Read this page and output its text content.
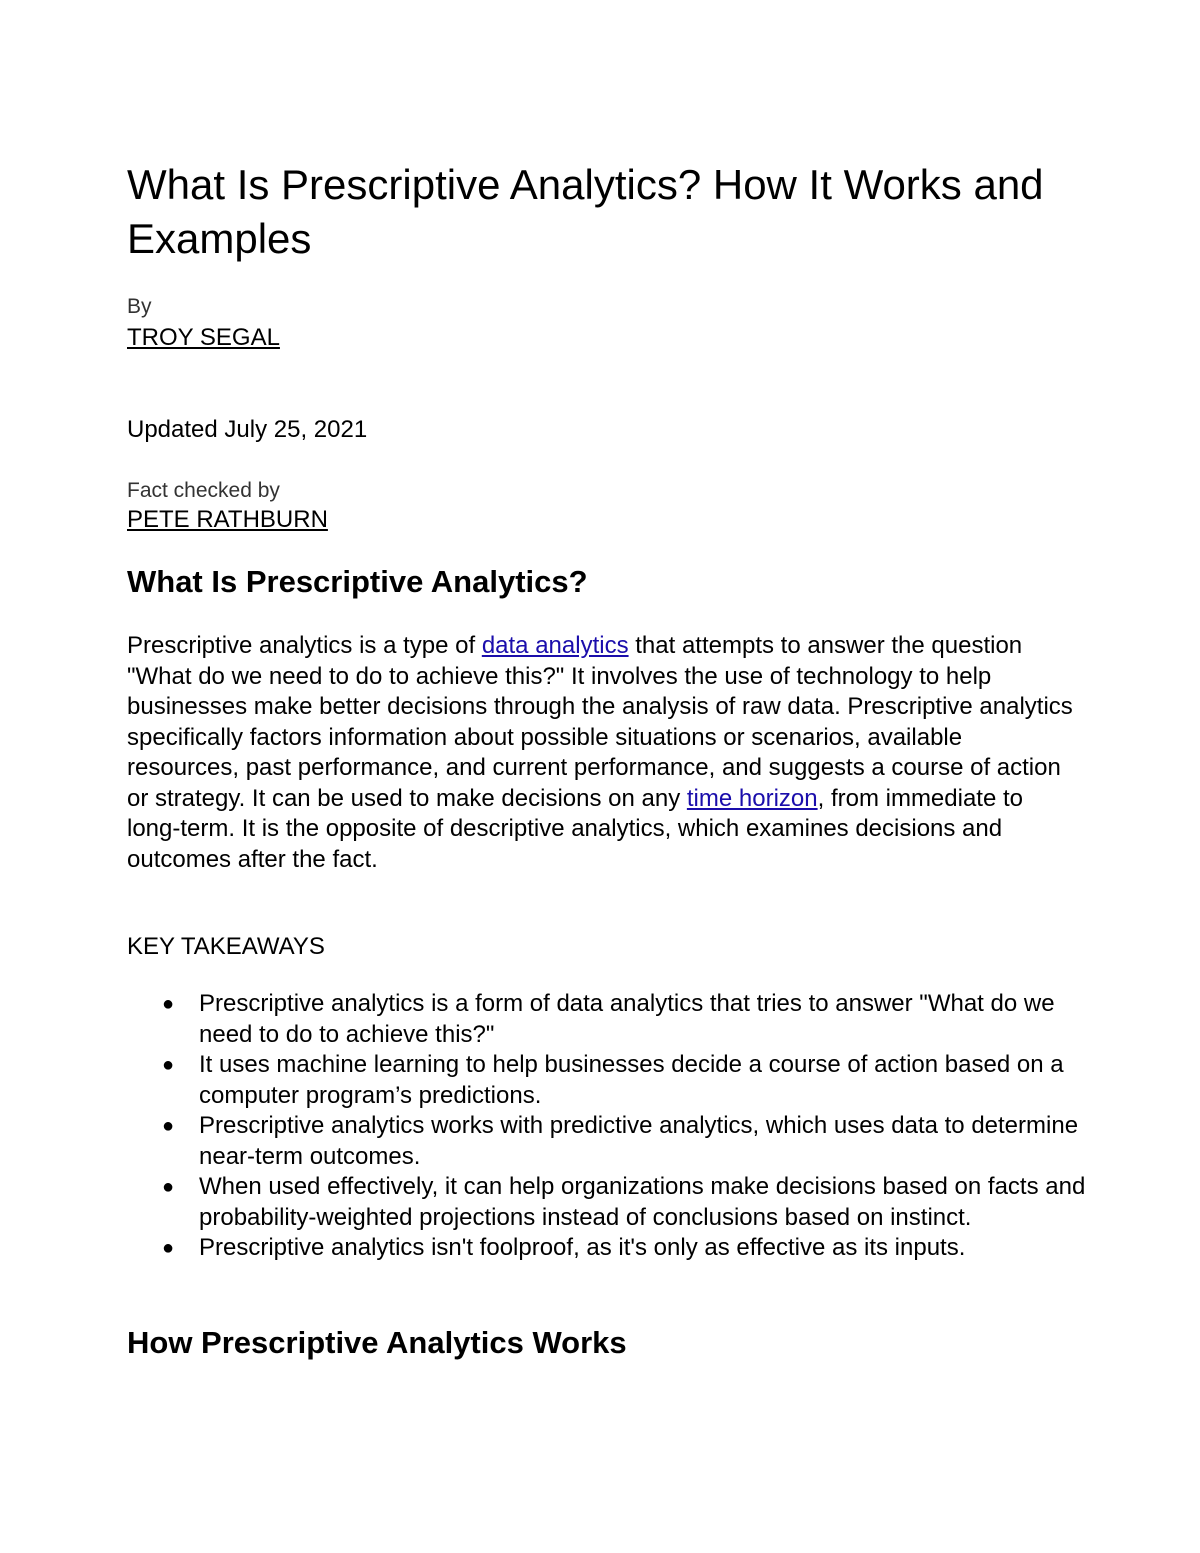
What Is Prescriptive Analytics? How It Works and Examples
By
TROY SEGAL
Updated July 25, 2021
Fact checked by
PETE RATHBURN
What Is Prescriptive Analytics?

Prescriptive analytics is a type of data analytics that attempts to answer the question "What do we need to do to achieve this?" It involves the use of technology to help businesses make better decisions through the analysis of raw data. Prescriptive analytics specifically factors information about possible situations or scenarios, available resources, past performance, and current performance, and suggests a course of action or strategy. It can be used to make decisions on any time horizon, from immediate to long-term. It is the opposite of descriptive analytics, which examines decisions and outcomes after the fact.

KEY TAKEAWAYS
● Prescriptive analytics is a form of data analytics that tries to answer "What do we need to do to achieve this?"
● It uses machine learning to help businesses decide a course of action based on a computer program’s predictions.
● Prescriptive analytics works with predictive analytics, which uses data to determine near-term outcomes.
● When used effectively, it can help organizations make decisions based on facts and probability-weighted projections instead of conclusions based on instinct.
● Prescriptive analytics isn't foolproof, as it's only as effective as its inputs.
How Prescriptive Analytics Works
